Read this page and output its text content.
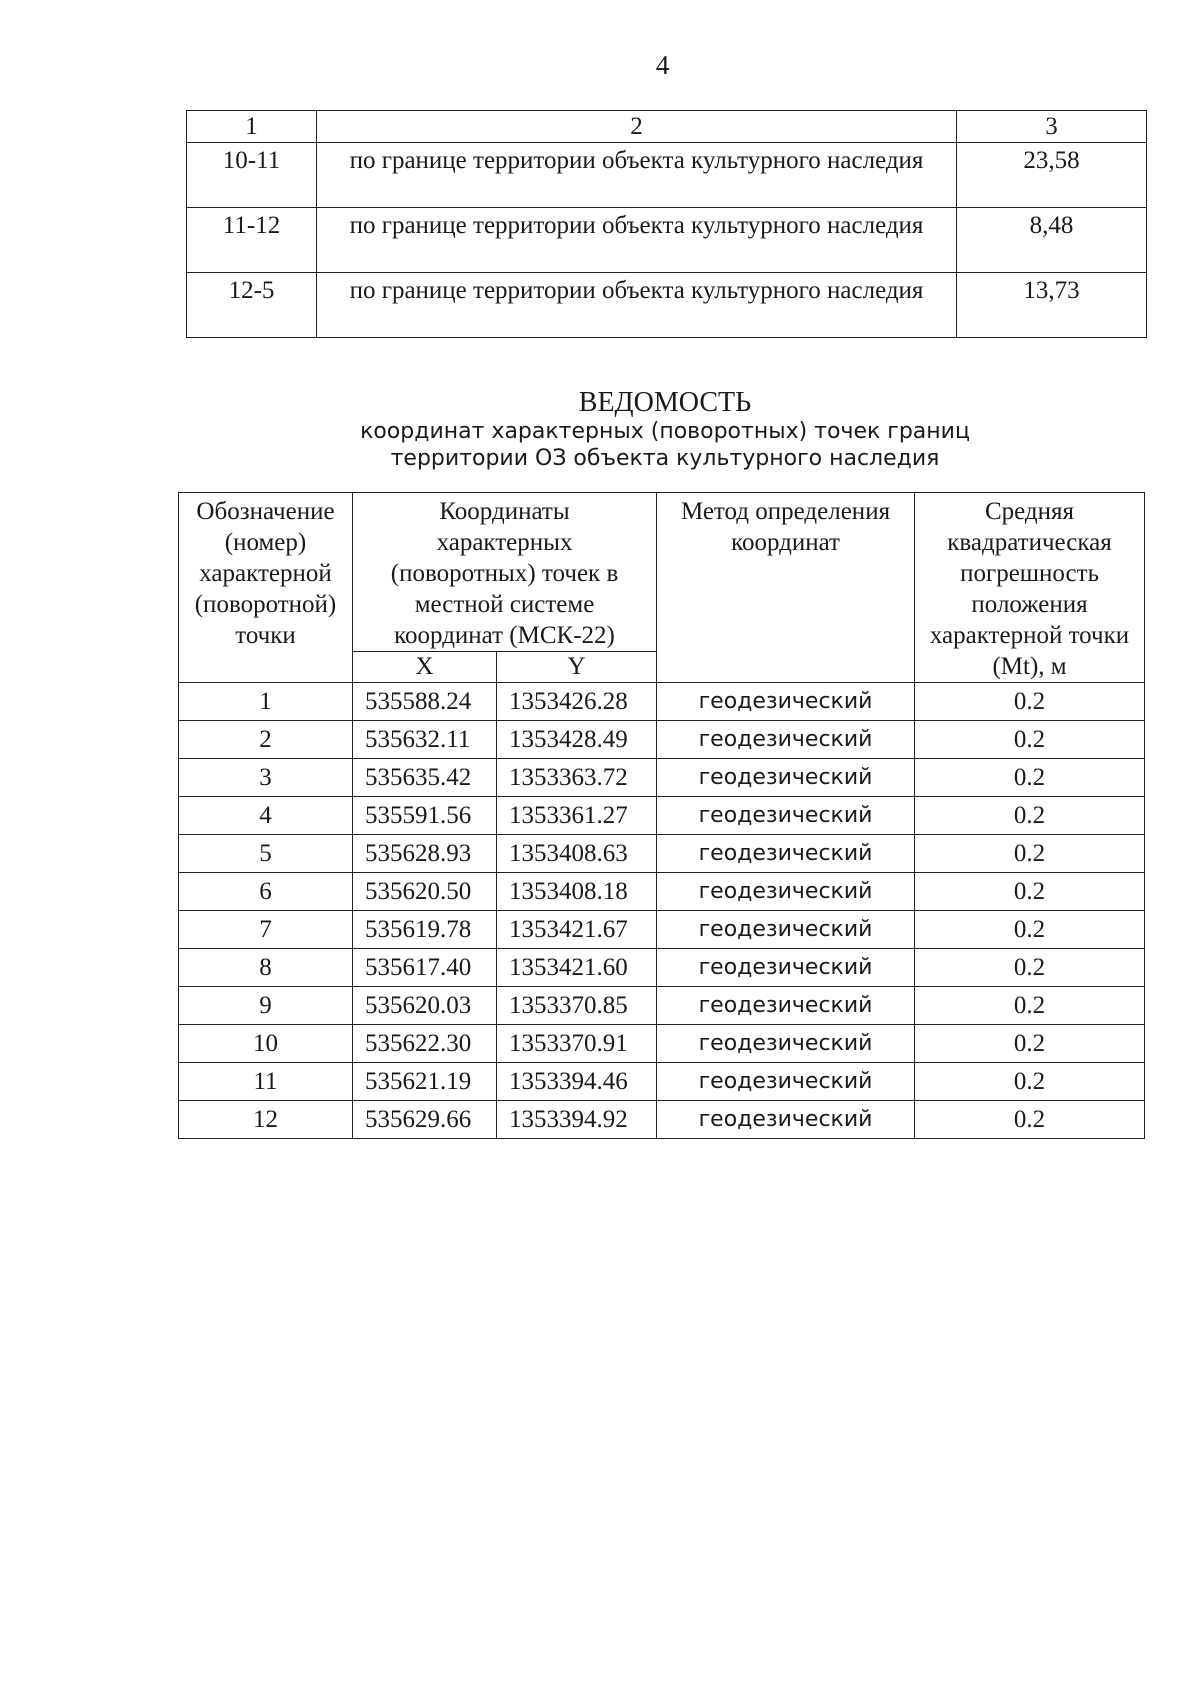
4
1	2	3
10-11	по границе территории объекта культурного наследия	23,58
11-12	по границе территории объекта культурного наследия	8,48
12-5	по границе территории объекта культурного наследия	13,73
ВЕДОМОСТЬ
координат характерных (поворотных) точек границ
территории ОЗ объекта культурного наследия
Обозначение (номер) характерной (поворотной) точки	Координаты характерных (поворотных) точек в местной системе координат (МСК-22)		Метод определения координат	Средняя квадратическая погрешность положения характерной точки (Mt), м
	X	Y		
1	535588.24	1353426.28	геодезический	0.2
2	535632.11	1353428.49	геодезический	0.2
3	535635.42	1353363.72	геодезический	0.2
4	535591.56	1353361.27	геодезический	0.2
5	535628.93	1353408.63	геодезический	0.2
6	535620.50	1353408.18	геодезический	0.2
7	535619.78	1353421.67	геодезический	0.2
8	535617.40	1353421.60	геодезический	0.2
9	535620.03	1353370.85	геодезический	0.2
10	535622.30	1353370.91	геодезический	0.2
11	535621.19	1353394.46	геодезический	0.2
12	535629.66	1353394.92	геодезический	0.2
